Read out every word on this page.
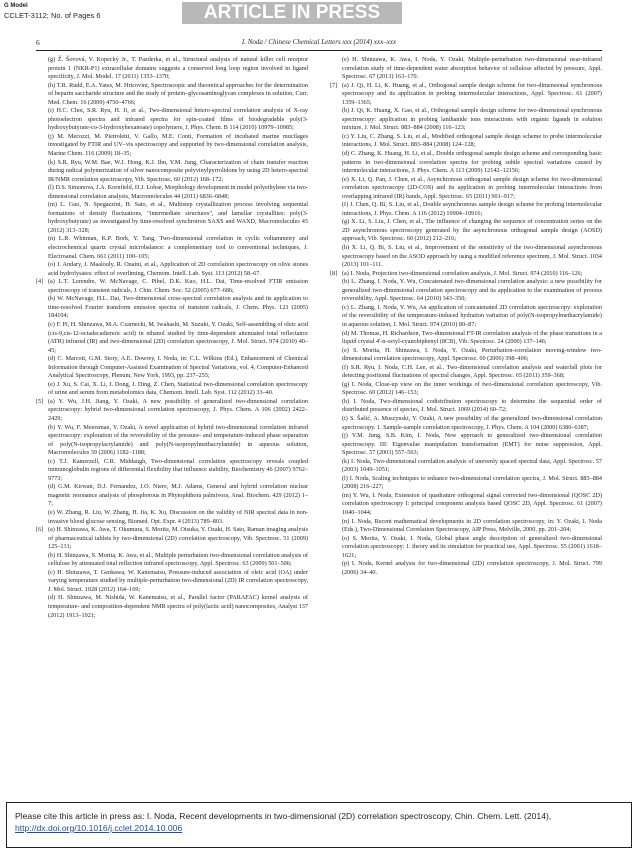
G Model
CCLET-3112; No. of Pages 6	ARTICLE IN PRESS
6	I. Noda / Chinese Chemical Letters xxx (2014) xxx–xxx

(g) Ž. Šovová, V. Kopecký Jr., T. Pazderka, et al., Structural analysis of natural killer cell receptor protein 1 (NKR-P1) extracellular domains suggests a conserved long loop region involved in ligand specificity, J. Mol. Model. 17 (2011) 1353–1370;

(h) T.R. Rudd, E.A. Yates, M. Hricovíni, Spectroscopic and theoretical approaches for the determination of heparin saccharide structure and the study of protein–glycosaminoglycan complexes in solution, Curr. Med. Chem. 16 (2009) 4750–4766;

(i) H.C. Choi, S.R. Ryu, H. Ji, et al., Two-dimensional hetero-spectral correlation analysis of X-ray photoelectron spectra and infrared spectra for spin-coated films of biodegradable poly(3-hydroxybutyrate-co-3-hydroxyhexanoate) copolymers, J. Phys. Chem. B 114 (2010) 10979–10985;

(j) M. Mecozzi, M. Pietroletti, V. Gallo, M.E. Conti, Formation of incubated marine mucilages investigated by FTIR and UV–vis spectroscopy and supported by two-dimensional correlation analysis, Marine Chem. 116 (2009) 18–35;

(k) S.R. Ryu, W.M. Bae, W.J. Hong, K.J. Ihn, Y.M. Jung, Characterization of chain transfer reaction during radical polymerization of silver nanocomposite polyvinylpyrrolidone by using 2D hetero-spectral IR/NMR correlation spectroscopy, Vib. Spectrosc. 60 (2012) 168–172;

(l) D.S. Simonova, J.A. Kornfield, D.J. Lohse, Morphology development in model polyethylene via two-dimensional correlation analysis, Macromolecules 44 (2011) 6836–6848;

(m) L. Guo, N. Spegazzini, H. Sato, et al., Multistep crystallization process involving sequential formations of density fluctuations, "intermediate structures", and lamellar crystallites: poly(3-hydroxybutyrate) as investigated by time-resolved synchrotron SAXS and WAXD, Macromolecules 45 (2012) 313–328;

(n) L.R. Whitman, K.P. Bork, Y. Tang, Two-dimensional correlation in cyclic voltammetry and electrochemical quartz crystal microbalance: a complementary tool to conventional techniques, J. Electroanal. Chem. 661 (2011) 100–105;

(o) J. Andary, J. Maalouly, R. Ouaini, et al., Application of 2D correlation spectroscopy on olive stones acid hydrolysates: effect of overliming, Chemom. Intell. Lab. Syst. 113 (2012) 58–67.

[4] (a) L.T. Lerendre, W. McNavage, C. Pibel, D.K. Kuo, H.L. Dai, Time-resolved FTIR emission spectroscopy of transient radicals, J. Chin. Chem. Soc. 52 (2005) 677–686;

(b) W. McNavage, H.L. Dai, Two-dimensional cross-spectral correlation analysis and its application to time-resolved Fourier transform emission spectra of transient radicals, J. Chem. Phys. 123 (2005) 184104;

(c) F. Pi, H. Shinzawa, M.A. Czarnecki, M. Iwahashi, M. Suzuki, Y. Ozaki, Self-assembling of oleic acid (cis-9,cis-12-octadecadienoic acid) in ethanol studied by time-dependent attenuated total reflectance (ATR) infrared (IR) and two-dimensional (2D) correlation spectroscopy, J. Mol. Struct. 974 (2010) 40–45;

(d) C. Marcott, G.M. Story, A.E. Dowrey, I. Noda, in: C.L. Wilkins (Ed.), Enhancement of Chemical Information through Computer-Assisted Examination of Spectral Variations, vol. 4, Computer-Enhanced Analytical Spectroscopy, Plenum, New York, 1993, pp. 237–255;

(e) J. Xu, S. Cai, X. Li, J. Dong, J. Ding, Z. Chen, Statistical two-dimensional correlation spectroscopy of urine and serum from metabolomics data, Chemom. Intell. Lab. Syst. 112 (2012) 33–40.

[5] (a) Y. Wu, J.H. Jiang, Y. Ozaki, A new possibility of generalized two-dimensional correlation spectroscopy: hybrid two-dimensional correlation spectroscopy, J. Phys. Chem. A 106 (2002) 2422–2429;

(b) Y. Wu, F. Meersman, Y. Ozaki, A novel application of hybrid two-dimensional correlation infrared spectroscopy: exploration of the reversibility of the pressure- and temperature-induced phase separation of poly(N-isopropylacrylamide) and poly(N-isopropylmethacrylamide) in aqueous solution, Macromolecules 39 (2006) 1182–1188;

(c) T.J. Kamerzell, C.R. Middaugh, Two-dimensional correlation spectroscopy reveals coupled immunoglobulin regions of differential flexibility that influence stability, Biochemistry 46 (2007) 9762–9773;

(d) G.M. Kirwan, D.J. Fernandez, J.O. Niere, M.J. Adams, General and hybrid correlation nuclear magnetic resonance analysis of phosphorous in Phytophthora palmivora, Anal. Biochem. 429 (2012) 1–7;

(e) W. Zhang, R. Liu, W. Zhang, H. Jia, K. Xu, Discussion on the validity of NIR spectral data in non-invasive blood glucose sensing, Biomed. Opt. Expr. 4 (2013) 789–803.

[6] (a) H. Shinzawa, K. Awa, T. Okumura, S. Morita, M. Otsuka, Y. Ozaki, H. Sato, Raman imaging analysis of pharmaceutical tablets by two-dimensional (2D) correlation spectroscopy, Vib. Spectrosc. 51 (2009) 125–131;

(b) H. Shinzawa, S. Morita, K. Awa, et al., Multiple perturbation two-dimensional correlation analysis of cellulose by attenuated total reflection infrared spectroscopy, Appl. Spectrosc. 63 (2009) 501–506;

(c) H. Shinzawa, T. Genkawa, W. Kanematsu, Pressure-induced association of oleic acid (OA) under varying temperature studied by multiple-perturbation two-dimensional (2D) IR correlation spectroscopy, J. Mol. Struct. 1028 (2012) 164–169;

(d) H. Shinzawa, M. Nishida, W. Kanematsu, et al., Parallel factor (PARAFAC) kernel analysis of temperature- and composition-dependent NMR spectra of poly(lactic acid) nanocomposites, Analyst 137 (2012) 1913–1921;

(e) H. Shinzawa, K. Awa, I. Noda, Y. Ozaki, Multiple-perturbation two-dimensional near-infrared correlation study of time-dependent water absorption behavior of cellulose affected by pressure, Appl. Spectrosc. 67 (2013) 163–170.

[7] (a) J. Qi, H. Li, K. Huang, et al., Orthogonal sample design scheme for two-dimensional synchronous spectroscopy and its application in probing intermolecular interactions, Appl. Spectrosc. 61 (2007) 1359–1365;

(b) J. Qi, K. Huang, X. Gao, et al., Orthogonal sample design scheme for two-dimensional synchronous spectroscopy: application in probing lanthanide ions interactions with organic ligands in solution mixture, J. Mol. Struct. 883–884 (2008) 116–123;

(c) Y. Liu, C. Zhang, S. Liu, et al., Modified orthogonal sample design scheme to probe intermolecular interactions, J. Mol. Struct. 883–884 (2008) 124–128;

(d) C. Zhang, K. Huang, H. Li, et al., Double orthogonal sample design scheme and corresponding basic patterns in two-dimensional correlation spectra for probing subtle spectral variations caused by intermolecular interactions, J. Phys. Chem. A 113 (2009) 12142–12156;

(e) X. Li, Q. Pan, J. Chen, et al., Asynchronous orthogonal sample design scheme for two-dimensional correlation spectroscopy (2D-COS) and its application in probing intermolecular interactions from overlapping infrared (IR) bands, Appl. Spectrosc. 65 (2011) 901–917;

(f) J. Chen, Q. Bi, S. Liu, et al., Double asynchronous sample design scheme for probing intermolecular interactions, J. Phys. Chem. A 116 (2012) 10904–10916;

(g) X. Li, S. Liu, J. Chen, et al., The influence of changing the sequence of concentration series on the 2D asynchronous spectroscopy generated by the asynchronous orthogonal sample design (AOSD) approach, Vib. Spectrosc. 60 (2012) 212–216;

(h) X. Li, Q. Bi, S. Liu, et al., Improvement of the sensitivity of the two-dimensional asynchronous spectroscopy based on the ASOD approach by using a modified reference spectrum, J. Mol. Struct. 1034 (2013) 101–111.

[8] (a) I. Noda, Projection two-dimensional correlation analysis, J. Mol. Struct. 974 (2010) 116–126;

(b) L. Zhang, I. Noda, Y. Wu, Concatenated two-dimensional correlation analysis: a new possibility for generalized two-dimensional correlation spectroscopy and its application to the examination of process reversibility, Appl. Spectrosc. 64 (2010) 343–350;

(c) L. Zhang, I. Noda, Y. Wu, An application of concatenated 2D correlation spectroscopy: exploration of the reversibility of the temperature-induced hydration variation of poly(N-isopropylmethacrylamide) in aqueous solution, J. Mol. Struct. 974 (2010) 80–87;

(d) M. Thomas, H. Richardson, Two-dimensional FT-IR correlation analysis of the phase transitions in a liquid crystal 4'-n-octyl-cyanobiphenyl (8CB), Vib. Spectrosc. 24 (2000) 137–146;

(e) S. Morita, H. Shinzawa, I. Noda, Y. Ozaki, Perturbation-correlation moving-window two-dimensional correlation spectroscopy, Appl. Spectrosc. 60 (2006) 398–406;

(f) S.R. Ryu, I. Noda, C.H. Lee, et al., Two-dimensional correlation analysis and waterfall plots for detecting positional fluctuations of spectral changes, Appl. Spectrosc. 65 (2011) 359–368;

(g) I. Noda, Close-up view on the inner workings of two-dimensional correlation spectroscopy, Vib. Spectrosc. 60 (2012) 146–153;

(h) I. Noda, Two-dimensional codistribution spectroscopy to determine the sequential order of distributed presence of species, J. Mol. Struct. 1069 (2014) 60–72;

(i) S. Šašić, A. Muszynski, Y. Ozaki, A new possibility of the generalized two-dimensional correlation spectroscopy. 1. Sample-sample correlation spectroscopy, J. Phys. Chem. A 104 (2000) 6380–6387;

(j) Y.M. Jung, S.B. Kim, I. Noda, New approach to generalized two-dimensional correlation spectroscopy. III: Eigenvalue manipulation transformation (EMT) for noise suppression, Appl. Spectrosc. 57 (2003) 557–563;

(k) I. Noda, Two-dimensional correlation analysis of unevenly spaced spectral data, Appl. Spectrosc. 57 (2003) 1049–1051;

(l) I. Noda, Scaling techniques to enhance two-dimensional correlation spectra, J. Mol. Struct. 883–884 (2008) 216–227;

(m) Y. Wu, I. Noda, Extension of quadrature orthogonal signal corrected two-dimensional (QOSC 2D) correlation spectroscopy I: principal component analysis based QOSC 2D, Appl. Spectrosc. 61 (2007) 1040–1044;

(n) I. Noda, Recent mathematical developments in 2D correlation spectroscopy, in: Y. Ozaki, I. Noda (Eds.), Two-Dimensional Correlation Spectroscopy, AIP Press, Melville, 2000, pp. 201–204;

(o) S. Morita, Y. Ozaki, I. Noda, Global phase angle description of generalized two-dimensional correlation spectroscopy: 1. theory and its simulation for practical use, Appl. Spectrosc. 55 (2001) 1618–1621;

(p) I. Noda, Kernel analysis for two-dimensional (2D) correlation spectroscopy, J. Mol. Struct. 799 (2006) 34–40.

Please cite this article in press as: I. Noda, Recent developments in two-dimensional (2D) correlation spectroscopy, Chin. Chem. Lett. (2014), http://dx.doi.org/10.1016/j.cclet.2014.10.006
